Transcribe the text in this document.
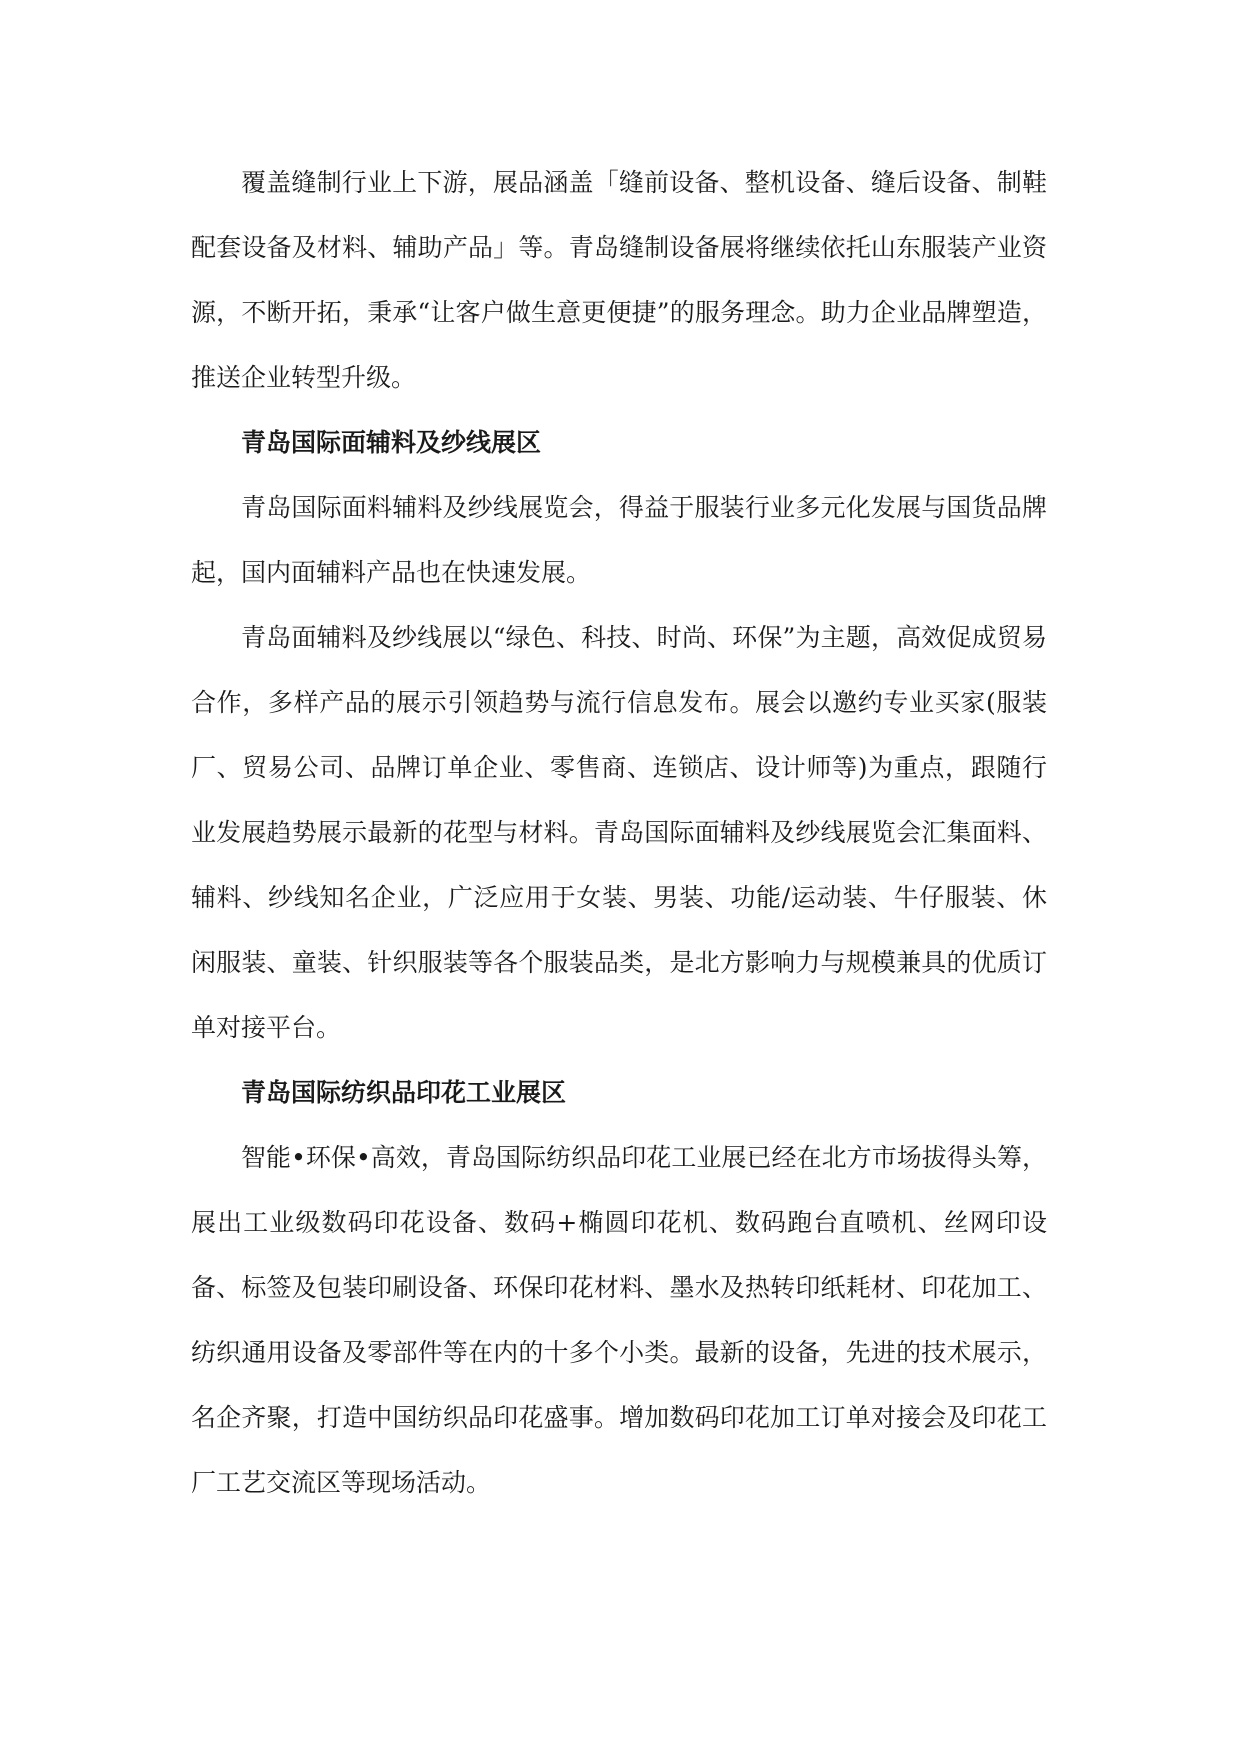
覆盖缝制行业上下游，展品涵盖「缝前设备、整机设备、缝后设备、制鞋配套设备及材料、辅助产品」等。青岛缝制设备展将继续依托山东服装产业资源，不断开拓，秉承“让客户做生意更便捷”的服务理念。助力企业品牌塑造，推送企业转型升级。

青岛国际面辅料及纱线展区

青岛国际面料辅料及纱线展览会，得益于服装行业多元化发展与国货品牌起，国内面辅料产品也在快速发展。

青岛面辅料及纱线展以“绿色、科技、时尚、环保”为主题，高效促成贸易合作，多样产品的展示引领趋势与流行信息发布。展会以邀约专业买家(服装厂、贸易公司、品牌订单企业、零售商、连锁店、设计师等)为重点，跟随行业发展趋势展示最新的花型与材料。青岛国际面辅料及纱线展览会汇集面料、辅料、纱线知名企业，广泛应用于女装、男装、功能/运动装、牛仔服装、休闲服装、童装、针织服装等各个服装品类，是北方影响力与规模兼具的优质订单对接平台。

青岛国际纺织品印花工业展区

智能•环保•高效，青岛国际纺织品印花工业展已经在北方市场拔得头筹，展出工业级数码印花设备、数码+椭圆印花机、数码跑台直喷机、丝网印设备、标签及包装印刷设备、环保印花材料、墨水及热转印纸耗材、印花加工、纺织通用设备及零部件等在内的十多个小类。最新的设备，先进的技术展示，名企齐聚，打造中国纺织品印花盛事。增加数码印花加工订单对接会及印花工厂工艺交流区等现场活动。
